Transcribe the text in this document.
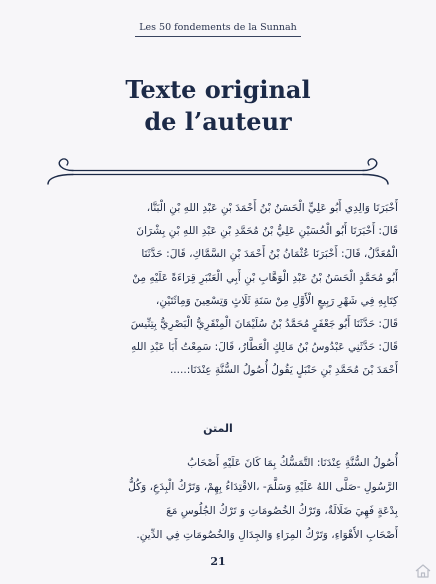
Les 50 fondements de la Sunnah
Texte original
de l’auteur
أَخْبَرَنَا وَالِدِي أَبُو عَلِيٍّ الْحَسَنُ بْنُ أَحْمَدَ بْنِ عَبْدِ اللهِ بْنِ الْبَنَّا،
قَالَ: أَخْبَرَنَا أَبُو الْحُسَيْنِ عَلِيُّ بْنُ مُحَمَّدِ بْنِ عَبْدِ اللهِ بْنِ بِشْرَانَ
الْمُعَدَّلُ، قَالَ: أَخْبَرَنَا عُثْمَانُ بْنُ أَحْمَدَ بْنِ السَّمَّاكِ، قَالَ: حَدَّثَنَا
أَبُو مُحَمَّدٍ الْحَسَنُ بْنُ عَبْدِ الْوَهَّابِ بْنِ أَبِي الْعَنْبَرِ قِرَاءَةً عَلَيْهِ مِنْ
كِتَابِهِ فِي شَهْرِ رَبِيعٍ الْأَوَّلِ مِنْ سَنَةِ ثَلَاثٍ وَتِسْعِينَ وَمِائَتَيْنِ،
قَالَ: حَدَّثَنَا أَبُو جَعْفَرٍ مُحَمَّدُ بْنُ سُلَيْمَانَ الْمِنْقَرِيُّ الْبَصْرِيُّ بِتِنِّيسَ
قَالَ: حَدَّثَنِي عَبْدُوسُ بْنُ مَالِكٍ الْعَطَّارُ، قَالَ: سَمِعْتُ أَبَا عَبْدِ اللهِ
أَحْمَدَ بْنَ مُحَمَّدِ بْنِ حَنْبَلٍ يَقُولُ أُصُولُ السُّنَّةِ عِنْدَنَا:.....
المتن
أُصُولُ السُّنَّةِ عِنْدَنَا: التَّمَسُّكُ بِمَا كَانَ عَلَيْهِ أَصْحَابُ
الرَّسُولِ -صَلَّى اللهُ عَلَيْهِ وَسَلَّمَ- ،الاقْتِدَاءُ بِهِمْ، وَتَرْكُ الْبِدَعِ، وَكُلُّ
بِدْعَةٍ فَهِيَ ضَلَالَةٌ، وَتَرْكُ الخُصُومَاتِ وَ تَرْكُ الجُلُوسِ مَعَ
أَصْحَابِ الأَهْوَاءِ، وَتَرْكُ المِرَاءِ وَالجِدَالِ وَالخُصُومَاتِ فِي الدِّينِ.
21
